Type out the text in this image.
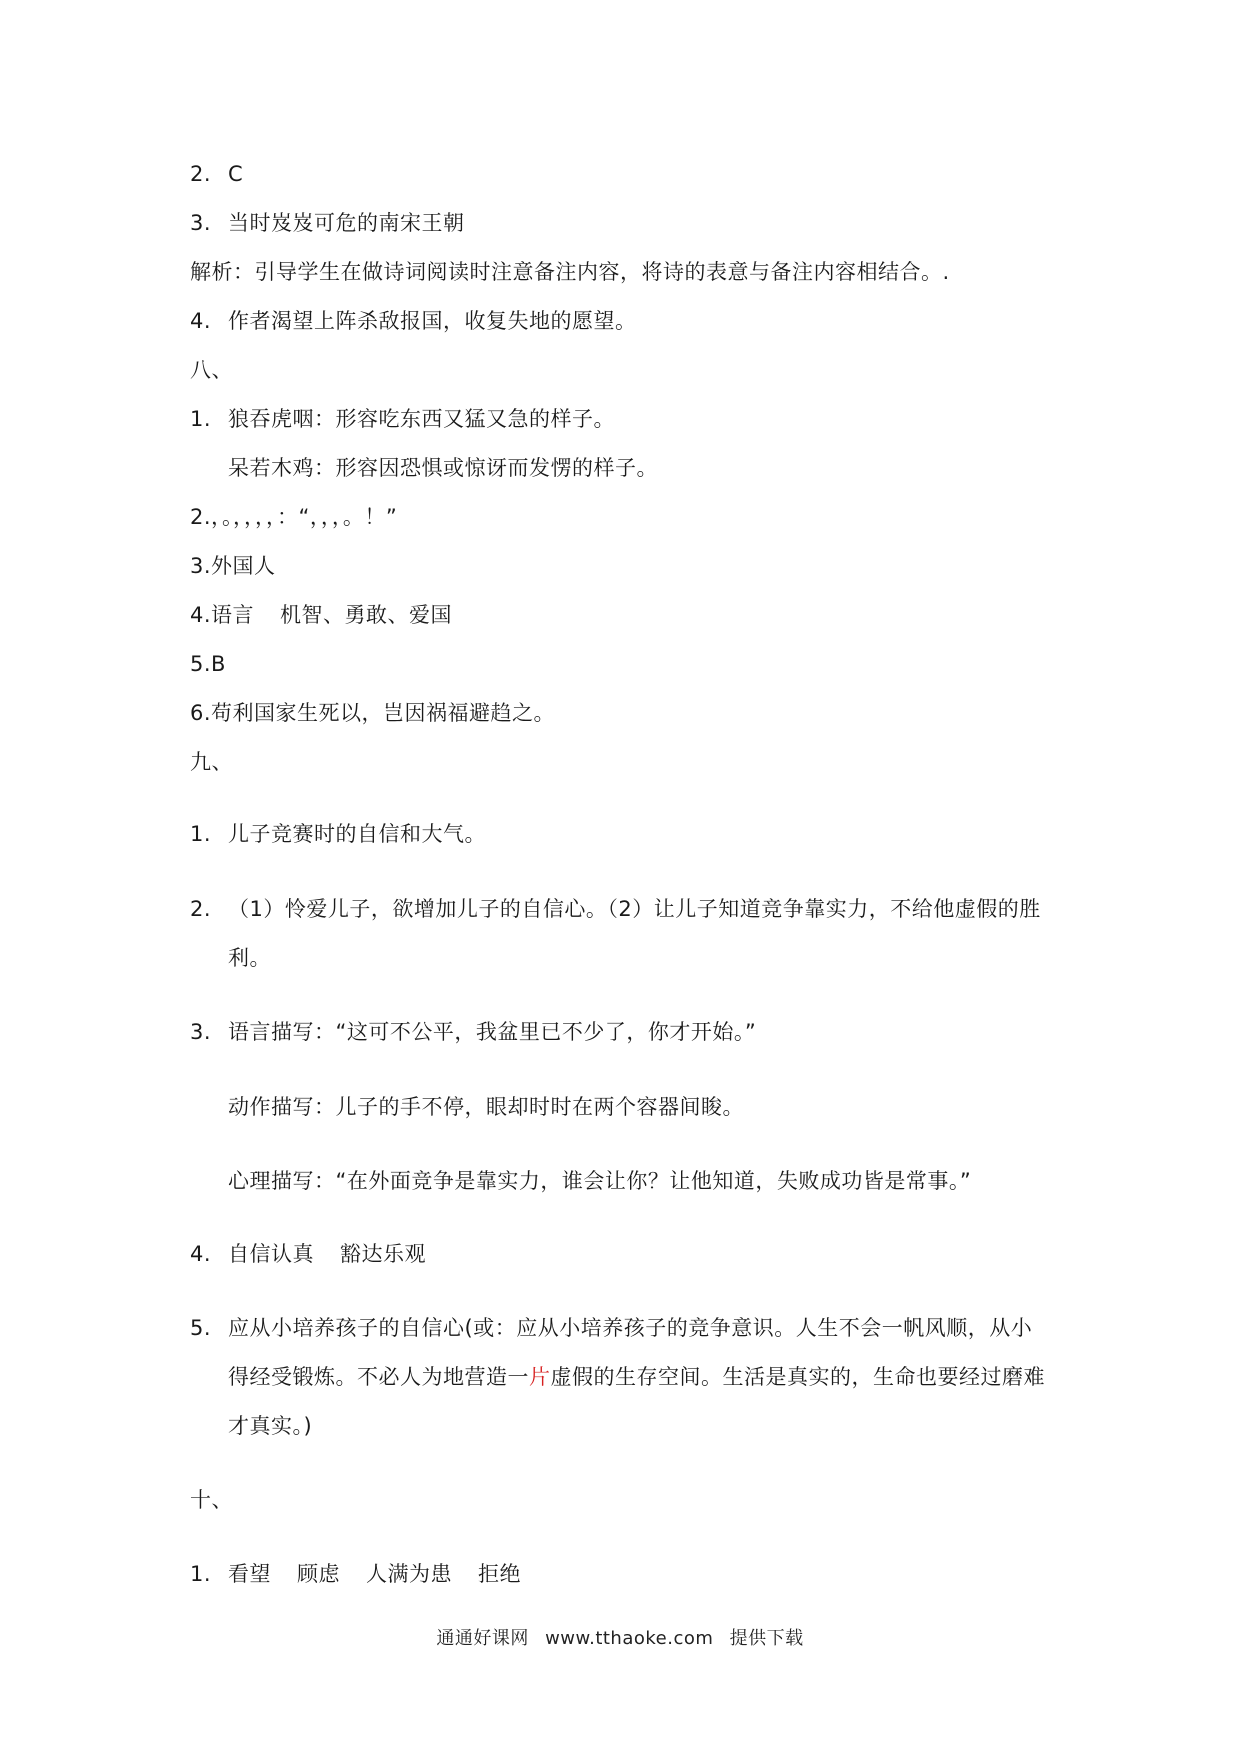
2. C
3. 当时岌岌可危的南宋王朝
解析：引导学生在做诗词阅读时注意备注内容，将诗的表意与备注内容相结合。.
4. 作者渴望上阵杀敌报国，收复失地的愿望。
八、
1. 狼吞虎咽：形容吃东西又猛又急的样子。
呆若木鸡：形容因恐惧或惊讶而发愣的样子。
2.，。，，，，：“，，，。！”
3.外国人
4.语言 机智、勇敢、爱国
5.B
6.苟利国家生死以，岂因祸福避趋之。
九、
1. 儿子竞赛时的自信和大气。
2. （1）怜爱儿子，欲增加儿子的自信心。（2）让儿子知道竞争靠实力，不给他虚假的胜
利。
3. 语言描写：“这可不公平，我盆里已不少了，你才开始。”
动作描写：儿子的手不停，眼却时时在两个容器间睃。
心理描写：“在外面竞争是靠实力，谁会让你？让他知道，失败成功皆是常事。”
4. 自信认真 豁达乐观
5. 应从小培养孩子的自信心(或：应从小培养孩子的竞争意识。人生不会一帆风顺，从小
得经受锻炼。不必人为地营造一片虚假的生存空间。生活是真实的，生命也要经过磨难
才真实。)
十、
1. 看望 顾虑 人满为患 拒绝
通通好课网 www.tthaoke.com 提供下载
